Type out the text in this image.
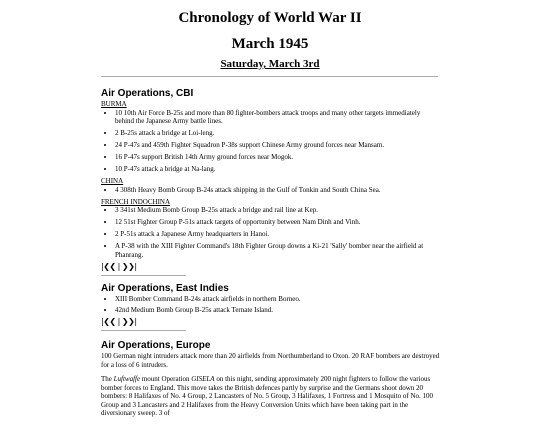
Chronology of World War II
March 1945
Saturday, March 3rd
Air Operations, CBI
BURMA
• 10 10th Air Force B-25s and more than 80 fighter-bombers attack troops and many other targets immediately behind the Japanese Army battle lines.
• 2 B-25s attack a bridge at Loi-leng.
• 24 P-47s and 459th Fighter Squadron P-38s support Chinese Army ground forces near Mansam.
• 16 P-47s support British 14th Army ground forces near Mogok.
• 10 P-47s attack a bridge at Na-lang.
CHINA
• 4 308th Heavy Bomb Group B-24s attack shipping in the Gulf of Tonkin and South China Sea.
FRENCH INDOCHINA
• 3 341st Medium Bomb Group B-25s attack a bridge and rail line at Kep.
• 12 51st Fighter Group P-51s attack targets of opportunity between Nam Dinh and Vinh.
• 2 P-51s attack a Japanese Army headquarters in Hanoi.
• A P-38 with the XIII Fighter Command's 18th Fighter Group downs a Ki-21 'Sally' bomber near the airfield at Phanrang.
|❮❮ | ❯❯|
Air Operations, East Indies
• XIII Bomber Command B-24s attack airfields in northern Borneo.
• 42nd Medium Bomb Group B-25s attack Ternate Island.
|❮❮ | ❯❯|
Air Operations, Europe

100 German night intruders attack more than 20 airfields from Northumberland to Oxon. 20 RAF bombers are destroyed for a loss of 6 intruders.

The Luftwaffe mount Operation GISELA on this night, sending approximately 200 night fighters to follow the various bomber forces to England. This move takes the British defences partly by surprise and the Germans shoot down 20 bombers: 8 Halifaxes of No. 4 Group, 2 Lancasters of No. 5 Group, 3 Halifaxes, 1 Fortress and 1 Mosquito of No. 100 Group and 3 Lancasters and 2 Halifaxes from the Heavy Conversion Units which have been taking part in the diversionary sweep. 3 of
